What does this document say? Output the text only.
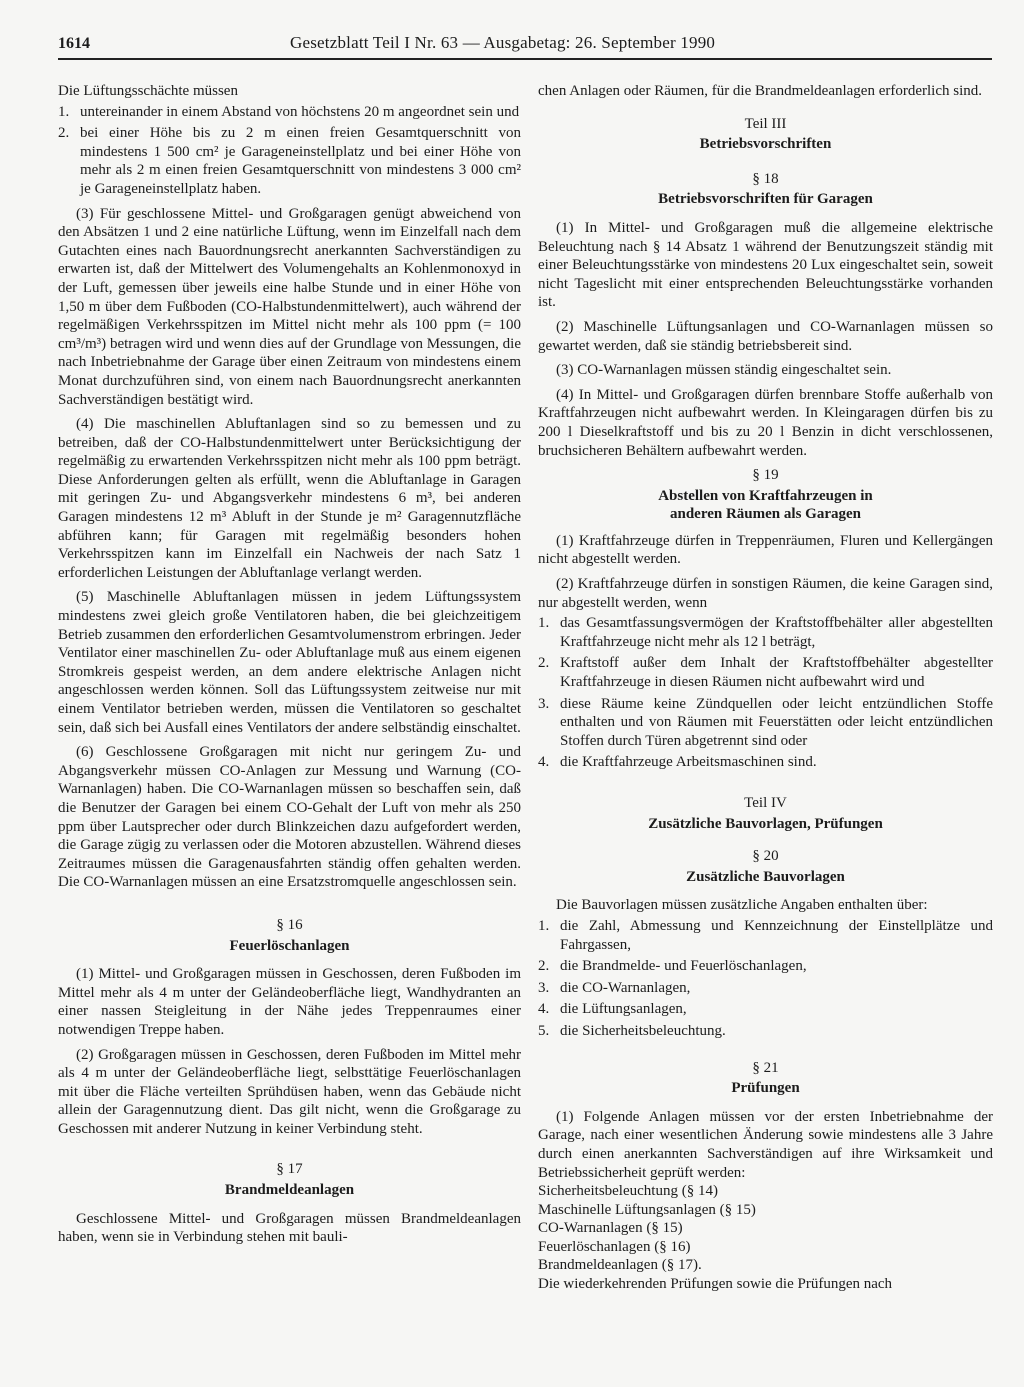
1614	Gesetzblatt Teil I Nr. 63 — Ausgabetag: 26. September 1990

Die Lüftungsschächte müssen

1. untereinander in einem Abstand von höchstens 20 m angeordnet sein und
2. bei einer Höhe bis zu 2 m einen freien Gesamtquerschnitt von mindestens 1 500 cm² je Garageneinstellplatz und bei einer Höhe von mehr als 2 m einen freien Gesamtquerschnitt von mindestens 3 000 cm² je Garageneinstellplatz haben.

(3) Für geschlossene Mittel- und Großgaragen genügt abweichend von den Absätzen 1 und 2 eine natürliche Lüftung, wenn im Einzelfall nach dem Gutachten eines nach Bauordnungsrecht anerkannten Sachverständigen zu erwarten ist, daß der Mittelwert des Volumengehalts an Kohlenmonoxyd in der Luft, gemessen über jeweils eine halbe Stunde und in einer Höhe von 1,50 m über dem Fußboden (CO-Halbstundenmittelwert), auch während der regelmäßigen Verkehrsspitzen im Mittel nicht mehr als 100 ppm (= 100 cm³/m³) betragen wird und wenn dies auf der Grundlage von Messungen, die nach Inbetriebnahme der Garage über einen Zeitraum von mindestens einem Monat durchzuführen sind, von einem nach Bauordnungsrecht anerkannten Sachverständigen bestätigt wird.

(4) Die maschinellen Abluftanlagen sind so zu bemessen und zu betreiben, daß der CO-Halbstundenmittelwert unter Berücksichtigung der regelmäßig zu erwartenden Verkehrsspitzen nicht mehr als 100 ppm beträgt. Diese Anforderungen gelten als erfüllt, wenn die Abluftanlage in Garagen mit geringen Zu- und Abgangsverkehr mindestens 6 m³, bei anderen Garagen mindestens 12 m³ Abluft in der Stunde je m² Garagennutzfläche abführen kann; für Garagen mit regelmäßig besonders hohen Verkehrsspitzen kann im Einzelfall ein Nachweis der nach Satz 1 erforderlichen Leistungen der Abluftanlage verlangt werden.

(5) Maschinelle Abluftanlagen müssen in jedem Lüftungssystem mindestens zwei gleich große Ventilatoren haben, die bei gleichzeitigem Betrieb zusammen den erforderlichen Gesamtvolumenstrom erbringen. Jeder Ventilator einer maschinellen Zu- oder Abluftanlage muß aus einem eigenen Stromkreis gespeist werden, an dem andere elektrische Anlagen nicht angeschlossen werden können. Soll das Lüftungssystem zeitweise nur mit einem Ventilator betrieben werden, müssen die Ventilatoren so geschaltet sein, daß sich bei Ausfall eines Ventilators der andere selbständig einschaltet.

(6) Geschlossene Großgaragen mit nicht nur geringem Zu- und Abgangsverkehr müssen CO-Anlagen zur Messung und Warnung (CO-Warnanlagen) haben. Die CO-Warnanlagen müssen so beschaffen sein, daß die Benutzer der Garagen bei einem CO-Gehalt der Luft von mehr als 250 ppm über Lautsprecher oder durch Blinkzeichen dazu aufgefordert werden, die Garage zügig zu verlassen oder die Motoren abzustellen. Während dieses Zeitraumes müssen die Garagenausfahrten ständig offen gehalten werden. Die CO-Warnanlagen müssen an eine Ersatzstromquelle angeschlossen sein.

§ 16
Feuerlöschanlagen

(1) Mittel- und Großgaragen müssen in Geschossen, deren Fußboden im Mittel mehr als 4 m unter der Geländeoberfläche liegt, Wandhydranten an einer nassen Steigleitung in der Nähe jedes Treppenraumes einer notwendigen Treppe haben.

(2) Großgaragen müssen in Geschossen, deren Fußboden im Mittel mehr als 4 m unter der Geländeoberfläche liegt, selbsttätige Feuerlöschanlagen mit über die Fläche verteilten Sprühdüsen haben, wenn das Gebäude nicht allein der Garagennutzung dient. Das gilt nicht, wenn die Großgarage zu Geschossen mit anderer Nutzung in keiner Verbindung steht.

§ 17
Brandmeldeanlagen

Geschlossene Mittel- und Großgaragen müssen Brandmeldeanlagen haben, wenn sie in Verbindung stehen mit bauli-

chen Anlagen oder Räumen, für die Brandmeldeanlagen erforderlich sind.

Teil III
Betriebsvorschriften
§ 18
Betriebsvorschriften für Garagen

(1) In Mittel- und Großgaragen muß die allgemeine elektrische Beleuchtung nach § 14 Absatz 1 während der Benutzungszeit ständig mit einer Beleuchtungsstärke von mindestens 20 Lux eingeschaltet sein, soweit nicht Tageslicht mit einer entsprechenden Beleuchtungsstärke vorhanden ist.

(2) Maschinelle Lüftungsanlagen und CO-Warnanlagen müssen so gewartet werden, daß sie ständig betriebsbereit sind.

(3) CO-Warnanlagen müssen ständig eingeschaltet sein.

(4) In Mittel- und Großgaragen dürfen brennbare Stoffe außerhalb von Kraftfahrzeugen nicht aufbewahrt werden. In Kleingaragen dürfen bis zu 200 l Dieselkraftstoff und bis zu 20 l Benzin in dicht verschlossenen, bruchsicheren Behältern aufbewahrt werden.

§ 19
Abstellen von Kraftfahrzeugen in
anderen Räumen als Garagen

(1) Kraftfahrzeuge dürfen in Treppenräumen, Fluren und Kellergängen nicht abgestellt werden.

(2) Kraftfahrzeuge dürfen in sonstigen Räumen, die keine Garagen sind, nur abgestellt werden, wenn

1. das Gesamtfassungsvermögen der Kraftstoffbehälter aller abgestellten Kraftfahrzeuge nicht mehr als 12 l beträgt,
2. Kraftstoff außer dem Inhalt der Kraftstoffbehälter abgestellter Kraftfahrzeuge in diesen Räumen nicht aufbewahrt wird und
3. diese Räume keine Zündquellen oder leicht entzündlichen Stoffe enthalten und von Räumen mit Feuerstätten oder leicht entzündlichen Stoffen durch Türen abgetrennt sind oder
4. die Kraftfahrzeuge Arbeitsmaschinen sind.
Teil IV
Zusätzliche Bauvorlagen, Prüfungen
§ 20
Zusätzliche Bauvorlagen

Die Bauvorlagen müssen zusätzliche Angaben enthalten über:

1. die Zahl, Abmessung und Kennzeichnung der Einstellplätze und Fahrgassen,
2. die Brandmelde- und Feuerlöschanlagen,
3. die CO-Warnanlagen,
4. die Lüftungsanlagen,
5. die Sicherheitsbeleuchtung.
§ 21
Prüfungen

(1) Folgende Anlagen müssen vor der ersten Inbetriebnahme der Garage, nach einer wesentlichen Änderung sowie mindestens alle 3 Jahre durch einen anerkannten Sachverständigen auf ihre Wirksamkeit und Betriebssicherheit geprüft werden:

Sicherheitsbeleuchtung (§ 14)

Maschinelle Lüftungsanlagen (§ 15)

CO-Warnanlagen (§ 15)

Feuerlöschanlagen (§ 16)

Brandmeldeanlagen (§ 17).

Die wiederkehrenden Prüfungen sowie die Prüfungen nach
